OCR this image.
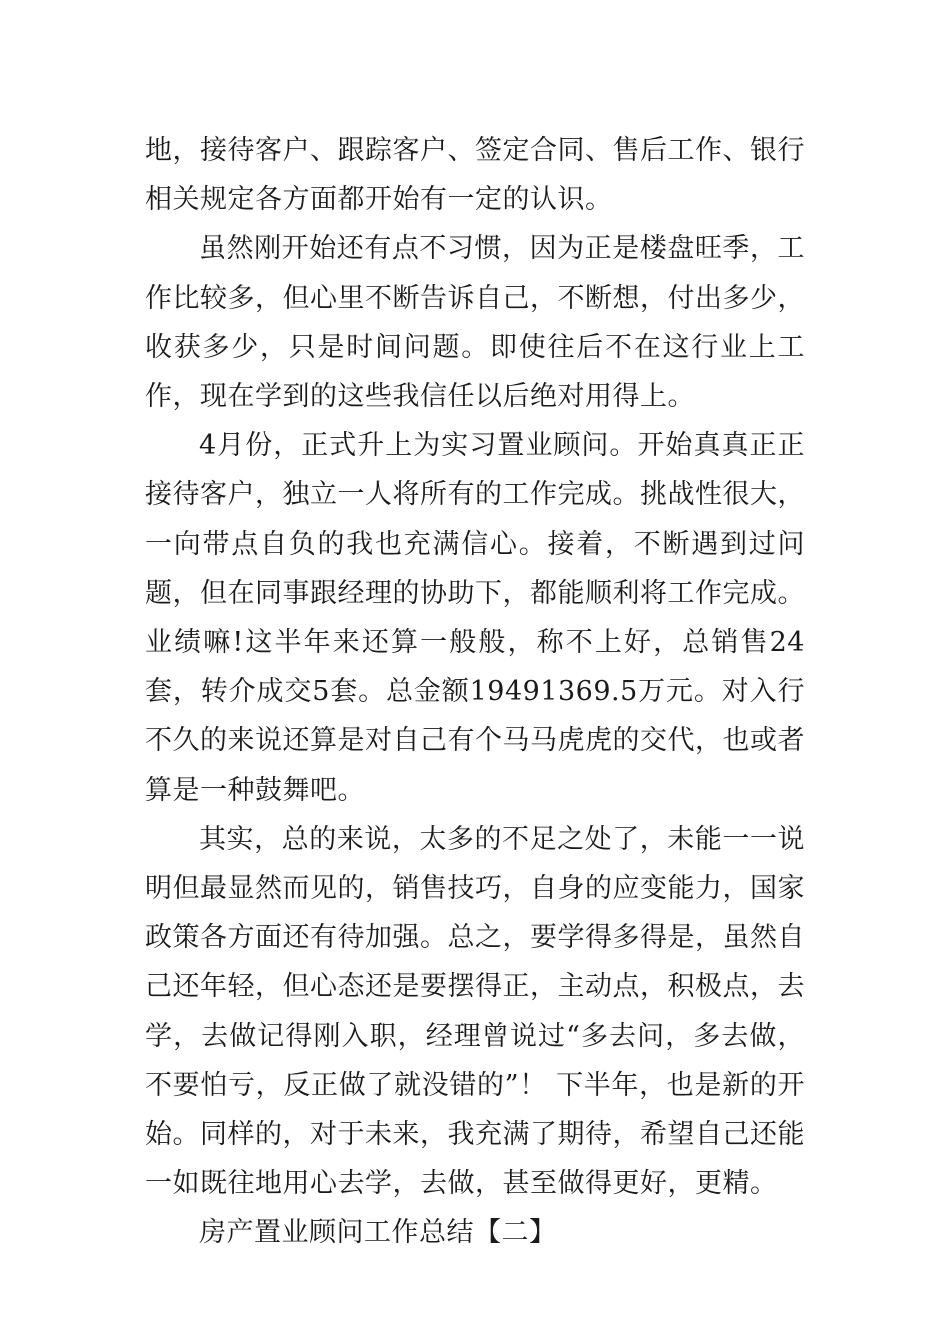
地，接待客户、跟踪客户、签定合同、售后工作、银行相关规定各方面都开始有一定的认识。

虽然刚开始还有点不习惯，因为正是楼盘旺季，工作比较多，但心里不断告诉自己，不断想，付出多少，收获多少，只是时间问题。即使往后不在这行业上工作，现在学到的这些我信任以后绝对用得上。

4月份，正式升上为实习置业顾问。开始真真正正接待客户，独立一人将所有的工作完成。挑战性很大，一向带点自负的我也充满信心。接着，不断遇到过问题，但在同事跟经理的协助下，都能顺利将工作完成。业绩嘛!这半年来还算一般般，称不上好，总销售24套，转介成交5套。总金额19491369.5万元。对入行不久的来说还算是对自己有个马马虎虎的交代，也或者算是一种鼓舞吧。

其实，总的来说，太多的不足之处了，未能一一说明但最显然而见的，销售技巧，自身的应变能力，国家政策各方面还有待加强。总之，要学得多得是，虽然自己还年轻，但心态还是要摆得正，主动点，积极点，去学，去做记得刚入职，经理曾说过“多去问，多去做，不要怕亏，反正做了就没错的”！ 下半年，也是新的开始。同样的，对于未来，我充满了期待，希望自己还能一如既往地用心去学，去做，甚至做得更好，更精。

房产置业顾问工作总结【二】
